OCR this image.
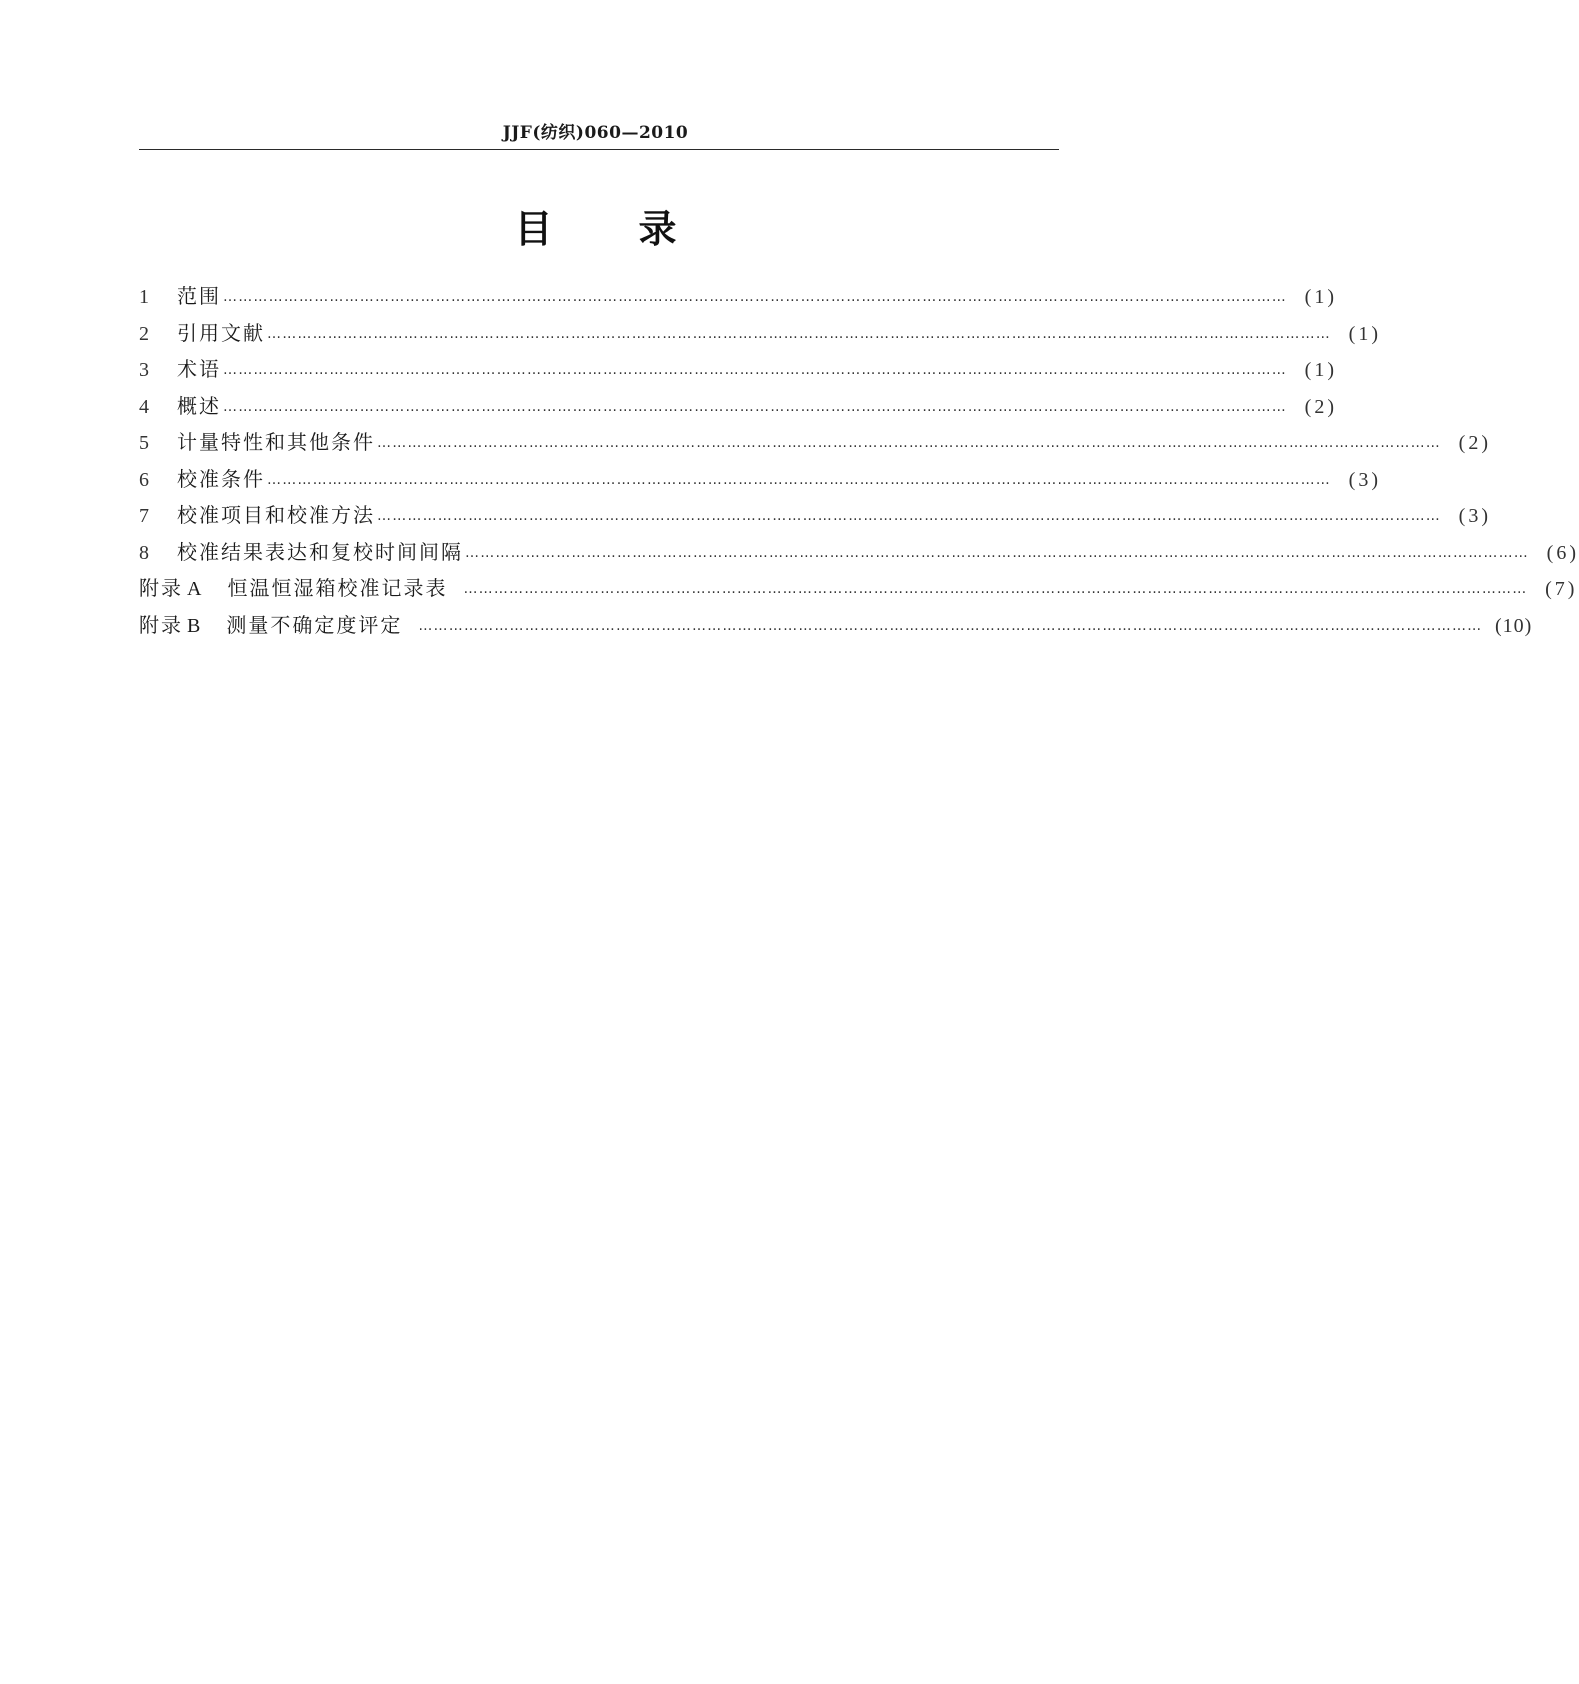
JJF(纺织)060—2010
目 录
1	范围 ………………………………………………………………………………………………………………………………………………………………………………………… (1)
2	引用文献 ………………………………………………………………………………………………………………………………………………………………………………………… (1)
3	术语 ………………………………………………………………………………………………………………………………………………………………………………………… (1)
4	概述 ………………………………………………………………………………………………………………………………………………………………………………………… (2)
5	计量特性和其他条件 ………………………………………………………………………………………………………………………………………………………………………………………… (2)
6	校准条件 ………………………………………………………………………………………………………………………………………………………………………………………… (3)
7	校准项目和校准方法 ………………………………………………………………………………………………………………………………………………………………………………………… (3)
8	校准结果表达和复校时间间隔 ………………………………………………………………………………………………………………………………………………………………………………………… (6)
附录 A 恒温恒湿箱校准记录表	………………………………………………………………………………………………………………………………………………………………………………………… (7)
附录 B 测量不确定度评定	………………………………………………………………………………………………………………………………………………………………………………………… (10)
